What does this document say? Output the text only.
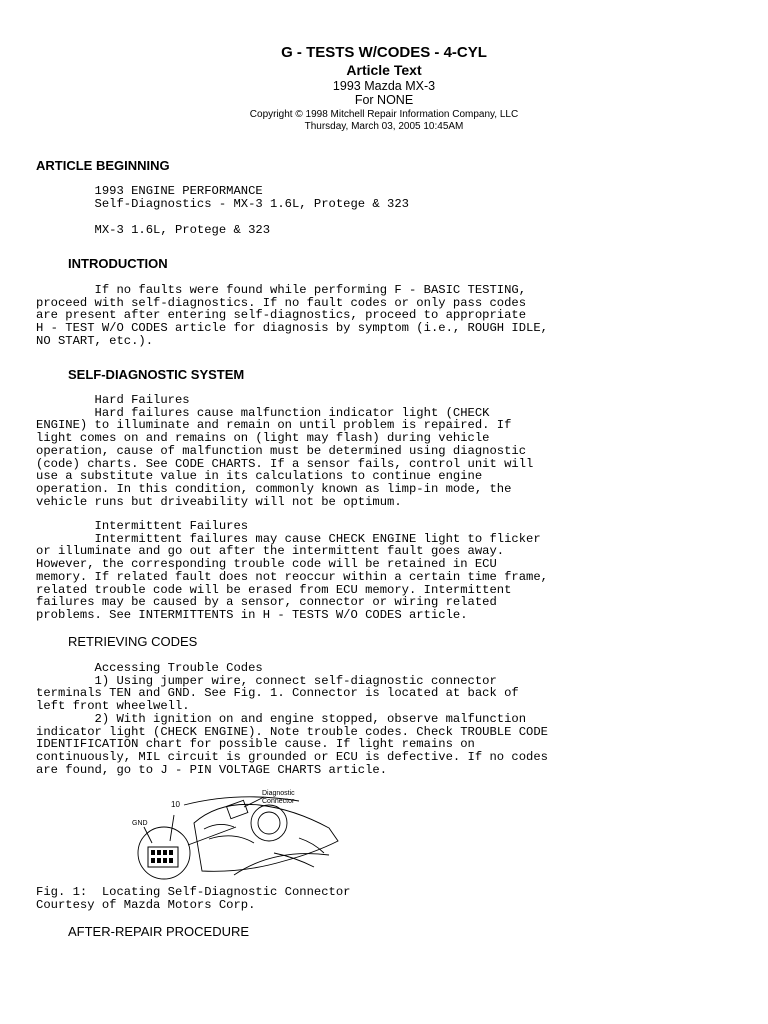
G - TESTS W/CODES - 4-CYL
Article Text
1993 Mazda MX-3
For NONE
Copyright © 1998 Mitchell Repair Information Company, LLC
Thursday, March 03, 2005 10:45AM
ARTICLE BEGINNING
1993 ENGINE PERFORMANCE
Self-Diagnostics - MX-3 1.6L, Protege & 323
MX-3 1.6L, Protege & 323
INTRODUCTION
If no faults were found while performing F - BASIC TESTING,
proceed with self-diagnostics. If no fault codes or only pass codes
are present after entering self-diagnostics, proceed to appropriate
H - TEST W/O CODES article for diagnosis by symptom (i.e., ROUGH IDLE,
NO START, etc.).
SELF-DIAGNOSTIC SYSTEM
Hard Failures
Hard failures cause malfunction indicator light (CHECK
ENGINE) to illuminate and remain on until problem is repaired. If
light comes on and remains on (light may flash) during vehicle
operation, cause of malfunction must be determined using diagnostic
(code) charts. See CODE CHARTS. If a sensor fails, control unit will
use a substitute value in its calculations to continue engine
operation. In this condition, commonly known as limp-in mode, the
vehicle runs but driveability will not be optimum.
Intermittent Failures
Intermittent failures may cause CHECK ENGINE light to flicker
or illuminate and go out after the intermittent fault goes away.
However, the corresponding trouble code will be retained in ECU
memory. If related fault does not reoccur within a certain time frame,
related trouble code will be erased from ECU memory. Intermittent
failures may be caused by a sensor, connector or wiring related
problems. See INTERMITTENTS in H - TESTS W/O CODES article.
RETRIEVING CODES
Accessing Trouble Codes
1) Using jumper wire, connect self-diagnostic connector
terminals TEN and GND. See Fig. 1. Connector is located at back of
left front wheelwell.
2) With ignition on and engine stopped, observe malfunction
indicator light (CHECK ENGINE). Note trouble codes. Check TROUBLE CODE
IDENTIFICATION chart for possible cause. If light remains on
continuously, MIL circuit is grounded or ECU is defective. If no codes
are found, go to J - PIN VOLTAGE CHARTS article.
10
GND
Diagnostic
Connector
Fig. 1:  Locating Self-Diagnostic Connector
Courtesy of Mazda Motors Corp.
AFTER-REPAIR PROCEDURE
